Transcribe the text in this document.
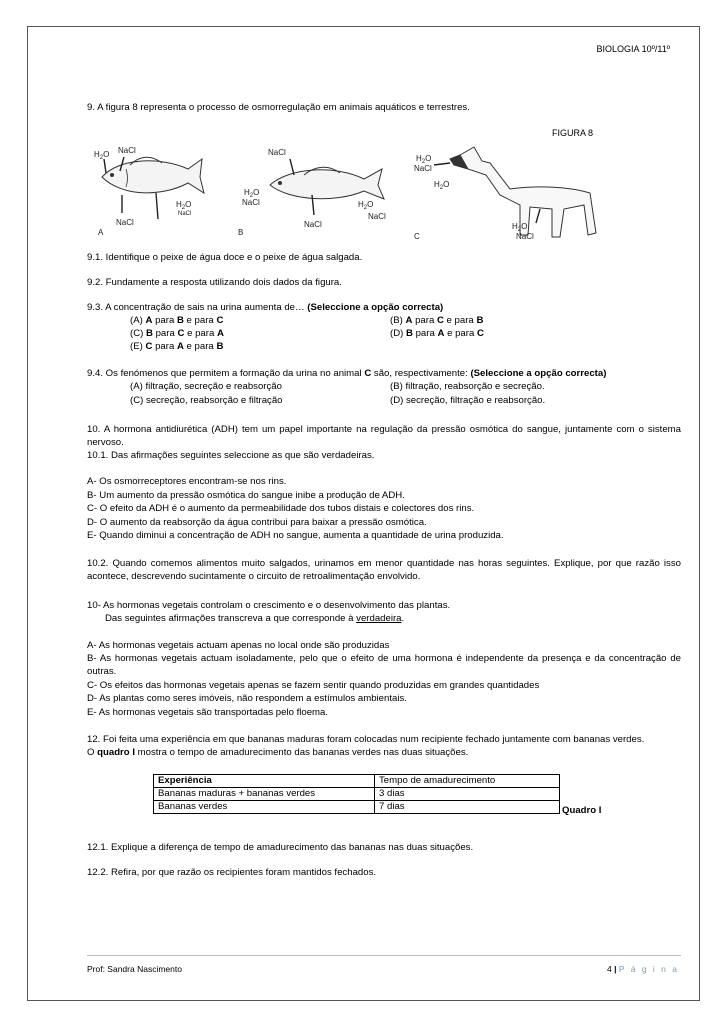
BIOLOGIA 10º/11º
9. A figura 8 representa o processo de osmorregulação em animais aquáticos e terrestres.
FIGURA 8
$H_2O$ NaCl
$H_2O$
NaCl
NaCl
A
NaCl
$H_2O$
NaCl
NaCl
$H_2O$
NaCl
B
$H_2O$
NaCl
$H_2O$
$H_2O$
NaCl
C
9.1. Identifique o peixe de água doce e o peixe de água salgada.
9.2. Fundamente a resposta utilizando dois dados da figura.
9.3. A concentração de sais na urina aumenta de… (Seleccione a opção correcta)
(A) A para B e para C	(B) A para C e para B
(C) B para C e para A	(D) B para A e para C
(E) C para A e para B
9.4. Os fenómenos que permitem a formação da urina no animal C são, respectivamente: (Seleccione a opção correcta)
(A) filtração, secreção e reabsorção	(B) filtração, reabsorção e secreção.
(C) secreção, reabsorção e filtração	(D) secreção, filtração e reabsorção.
10. A hormona antidiurética (ADH) tem um papel importante na regulação da pressão osmótica do sangue, juntamente com o sistema nervoso.
10.1. Das afirmações seguintes seleccione as que são verdadeiras.
A- Os osmorreceptores encontram-se nos rins.
B- Um aumento da pressão osmótica do sangue inibe a produção de ADH.
C- O efeito da ADH é o aumento da permeabilidade dos tubos distais e colectores dos rins.
D- O aumento da reabsorção da água contribui para baixar a pressão osmótica.
E- Quando diminui a concentração de ADH no sangue, aumenta a quantidade de urina produzida.
10.2. Quando comemos alimentos muito salgados, urinamos em menor quantidade nas horas seguintes. Explique, por que razão isso acontece, descrevendo sucintamente o circuito de retroalimentação envolvido.
10- As hormonas vegetais controlam o crescimento e o desenvolvimento das plantas.
Das seguintes afirmações transcreva a que corresponde à verdadeira.
A- As hormonas vegetais actuam apenas no local onde são produzidas
B- As hormonas vegetais actuam isoladamente, pelo que o efeito de uma hormona é independente da presença e da concentração de outras.
C- Os efeitos das hormonas vegetais apenas se fazem sentir quando produzidas em grandes quantidades
D- As plantas como seres imóveis, não respondem a estímulos ambientais.
E- As hormonas vegetais são transportadas pelo floema.
12. Foi feita uma experiência em que bananas maduras foram colocadas num recipiente fechado juntamente com bananas verdes.
O quadro I mostra o tempo de amadurecimento das bananas verdes nas duas situações.
Experiência	Tempo de amadurecimento
Bananas maduras + bananas verdes	3 dias
Bananas verdes	7 dias	Quadro I
12.1. Explique a diferença de tempo de amadurecimento das bananas nas duas situações.
12.2. Refira, por que razão os recipientes foram mantidos fechados.
Prof: Sandra Nascimento	4 | P á g i n a
